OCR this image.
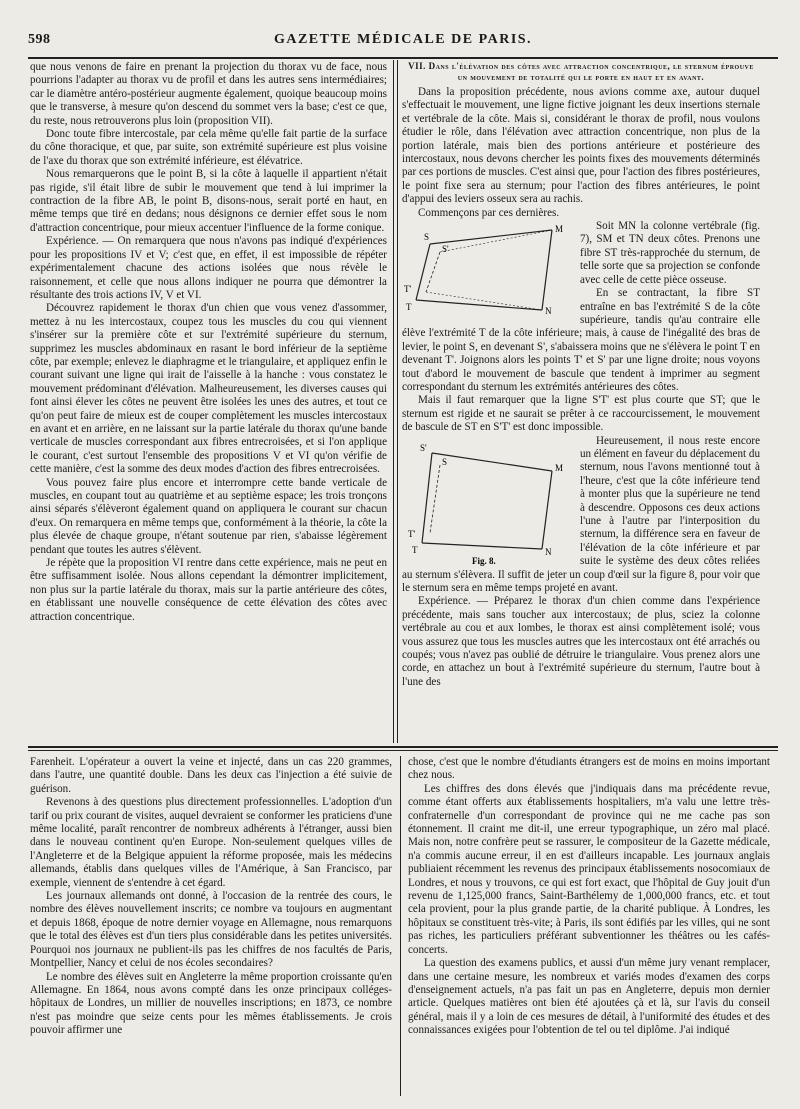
598	GAZETTE MÉDICALE DE PARIS.

que nous venons de faire en prenant la projection du thorax vu de face, nous pourrions l'adapter au thorax vu de profil et dans les autres sens intermédiaires; car le diamètre antéro-postérieur augmente également, quoique beaucoup moins que le transverse, à mesure qu'on descend du sommet vers la base; c'est ce que, du reste, nous retrouverons plus loin (proposition VII).

Donc toute fibre intercostale, par cela même qu'elle fait partie de la surface du cône thoracique, et que, par suite, son extrémité supérieure est plus voisine de l'axe du thorax que son extrémité inférieure, est élévatrice.

Nous remarquerons que le point B, si la côte à laquelle il appartient n'était pas rigide, s'il était libre de subir le mouvement que tend à lui imprimer la contraction de la fibre AB, le point B, disons-nous, serait porté en haut, en même temps que tiré en dedans; nous désignons ce dernier effet sous le nom d'attraction concentrique, pour mieux accentuer l'influence de la forme conique.

Expérience. — On remarquera que nous n'avons pas indiqué d'expériences pour les propositions IV et V; c'est que, en effet, il est impossible de répéter expérimentalement chacune des actions isolées que nous révèle le raisonnement, et celle que nous allons indiquer ne pourra que démontrer la résultante des trois actions IV, V et VI.

Découvrez rapidement le thorax d'un chien que vous venez d'assommer, mettez à nu les intercostaux, coupez tous les muscles du cou qui viennent s'insérer sur la première côte et sur l'extrémité supérieure du sternum, supprimez les muscles abdominaux en rasant le bord inférieur de la septième côte, par exemple; enlevez le diaphragme et le triangulaire, et appliquez enfin le courant suivant une ligne qui irait de l'aisselle à la hanche : vous constatez le mouvement prédominant d'élévation. Malheureusement, les diverses causes qui font ainsi élever les côtes ne peuvent être isolées les unes des autres, et tout ce qu'on peut faire de mieux est de couper complètement les muscles intercostaux en avant et en arrière, en ne laissant sur la partie latérale du thorax qu'une bande verticale de muscles correspondant aux fibres entrecroisées, et si l'on applique le courant, c'est surtout l'ensemble des propositions V et VI qu'on vérifie de cette manière, c'est la somme des deux modes d'action des fibres entrecroisées.

Vous pouvez faire plus encore et interrompre cette bande verticale de muscles, en coupant tout au quatrième et au septième espace; les trois tronçons ainsi séparés s'élèveront également quand on appliquera le courant sur chacun d'eux. On remarquera en même temps que, conformément à la théorie, la côte la plus élevée de chaque groupe, n'étant soutenue par rien, s'abaisse légèrement pendant que toutes les autres s'élèvent.

Je répète que la proposition VI rentre dans cette expérience, mais ne peut en être suffisamment isolée. Nous allons cependant la démontrer implicitement, non plus sur la partie latérale du thorax, mais sur la partie antérieure des côtes, en établissant une nouvelle conséquence de cette élévation des côtes avec attraction concentrique.

VII. Dans l'élévation des côtes avec attraction concentrique, le sternum éprouve un mouvement de totalité qui le porte en haut et en avant.

Dans la proposition précédente, nous avions comme axe, autour duquel s'effectuait le mouvement, une ligne fictive joignant les deux insertions sternale et vertébrale de la côte. Mais si, considérant le thorax de profil, nous voulons étudier le rôle, dans l'élévation avec attraction concentrique, non plus de la portion latérale, mais bien des portions antérieure et postérieure des intercostaux, nous devons chercher les points fixes des mouvements déterminés par ces portions de muscles. C'est ainsi que, pour l'action des fibres postérieures, le point fixe sera au sternum; pour l'action des fibres antérieures, le point d'appui des leviers osseux sera au rachis.

Commençons par ces dernières.

S'
M
T'
N
S
T

Soit MN la colonne vertébrale (fig. 7), SM et TN deux côtes. Prenons une fibre ST très-rapprochée du sternum, de telle sorte que sa projection se confonde avec celle de cette pièce osseuse.

En se contractant, la fibre ST entraîne en bas l'extrémité S de la côte supérieure, tandis qu'au contraire elle élève l'extrémité T de la côte inférieure; mais, à cause de l'inégalité des bras de levier, le point S, en devenant S', s'abaissera moins que ne s'élèvera le point T en devenant T'. Joignons alors les points T' et S' par une ligne droite; nous voyons tout d'abord le mouvement de bascule que tendent à imprimer au segment correspondant du sternum les extrémités antérieures des côtes.

Mais il faut remarquer que la ligne S'T' est plus courte que ST; que le sternum est rigide et ne saurait se prêter à ce raccourcissement, le mouvement de bascule de ST en S'T' est donc impossible.

S'
S
M
T'
T	N
Fig. 8.

Heureusement, il nous reste encore un élément en faveur du déplacement du sternum, nous l'avons mentionné tout à l'heure, c'est que la côte inférieure tend à monter plus que la supérieure ne tend à descendre. Opposons ces deux actions l'une à l'autre par l'interposition du sternum, la différence sera en faveur de l'élévation de la côte inférieure et par suite le système des deux côtes reliées au sternum s'élèvera. Il suffit de jeter un coup d'œil sur la figure 8, pour voir que le sternum sera en même temps projeté en avant.

Expérience. — Préparez le thorax d'un chien comme dans l'expérience précédente, mais sans toucher aux intercostaux; de plus, sciez la colonne vertébrale au cou et aux lombes, le thorax est ainsi complètement isolé; vous vous assurez que tous les muscles autres que les intercostaux ont été arrachés ou coupés; vous n'avez pas oublié de détruire le triangulaire. Vous prenez alors une corde, en attachez un bout à l'extrémité supérieure du sternum, l'autre bout à l'une des

Farenheit. L'opérateur a ouvert la veine et injecté, dans un cas 220 grammes, dans l'autre, une quantité double. Dans les deux cas l'injection a été suivie de guérison.

Revenons à des questions plus directement professionnelles. L'adoption d'un tarif ou prix courant de visites, auquel devraient se conformer les praticiens d'une même localité, paraît rencontrer de nombreux adhérents à l'étranger, aussi bien dans le nouveau continent qu'en Europe. Non-seulement quelques villes de l'Angleterre et de la Belgique appuient la réforme proposée, mais les médecins allemands, établis dans quelques villes de l'Amérique, à San Francisco, par exemple, viennent de s'entendre à cet égard.

Les journaux allemands ont donné, à l'occasion de la rentrée des cours, le nombre des élèves nouvellement inscrits; ce nombre va toujours en augmentant et depuis 1868, époque de notre dernier voyage en Allemagne, nous remarquons que le total des élèves est d'un tiers plus considérable dans les petites universités. Pourquoi nos journaux ne publient-ils pas les chiffres de nos facultés de Paris, Montpellier, Nancy et celui de nos écoles secondaires?

Le nombre des élèves suit en Angleterre la même proportion croissante qu'en Allemagne. En 1864, nous avons compté dans les onze principaux colléges-hôpitaux de Londres, un millier de nouvelles inscriptions; en 1873, ce nombre n'est pas moindre que seize cents pour les mêmes établissements. Je crois pouvoir affirmer une

chose, c'est que le nombre d'étudiants étrangers est de moins en moins important chez nous.

Les chiffres des dons élevés que j'indiquais dans ma précédente revue, comme étant offerts aux établissements hospitaliers, m'a valu une lettre très-confraternelle d'un correspondant de province qui ne me cache pas son étonnement. Il craint me dit-il, une erreur typographique, un zéro mal placé. Mais non, notre confrère peut se rassurer, le compositeur de la Gazette médicale, n'a commis aucune erreur, il en est d'ailleurs incapable. Les journaux anglais publiaient récemment les revenus des principaux établissements nosocomiaux de Londres, et nous y trouvons, ce qui est fort exact, que l'hôpital de Guy jouit d'un revenu de 1,125,000 francs, Saint-Barthélemy de 1,000,000 francs, etc. et tout cela provient, pour la plus grande partie, de la charité publique. À Londres, les hôpitaux se constituent très-vite; à Paris, ils sont édifiés par les villes, qui ne sont pas riches, les particuliers préférant subventionner les théâtres ou les cafés-concerts.

La question des examens publics, et aussi d'un même jury venant remplacer, dans une certaine mesure, les nombreux et variés modes d'examen des corps d'enseignement actuels, n'a pas fait un pas en Angleterre, depuis mon dernier article. Quelques matières ont bien été ajoutées çà et là, sur l'avis du conseil général, mais il y a loin de ces mesures de détail, à l'uniformité des études et des connaissances exigées pour l'obtention de tel ou tel diplôme. J'ai indiqué
